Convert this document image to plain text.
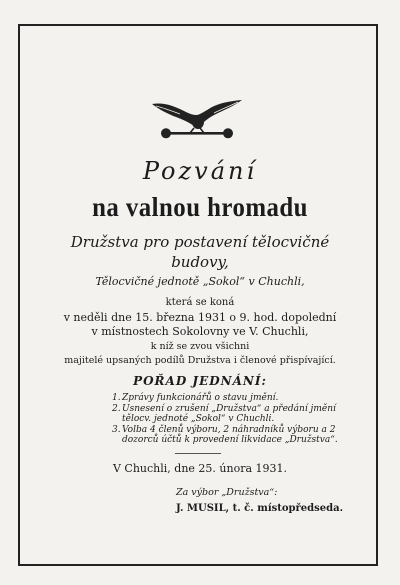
Pozvání
na valnou hromadu
Družstva pro postavení tělocvičné
budovy,
Tělocvičné jednotě „Sokol“ v Chuchli,
která se koná
v neděli dne 15. března 1931 o 9. hod. dopolední
v místnostech Sokolovny ve V. Chuchli,
k níž se zvou všichni
majitelé upsaných podílů Družstva i členové přispívající.
POŘAD JEDNÁNÍ:
1. Zprávy funkcionářů o stavu jmění.
2. Usnesení o zrušení „Družstva“ a předání jmění tělocv. jednoté „Sokol“ v Chuchli.
3. Volba 4 členů výboru, 2 náhradníků výboru a 2 dozorců účtů k provedení likvidace „Družstva“.
V Chuchli, dne 25. února 1931.
Za výbor „Družstva“:
J. MUSIL, t. č. místopředseda.
